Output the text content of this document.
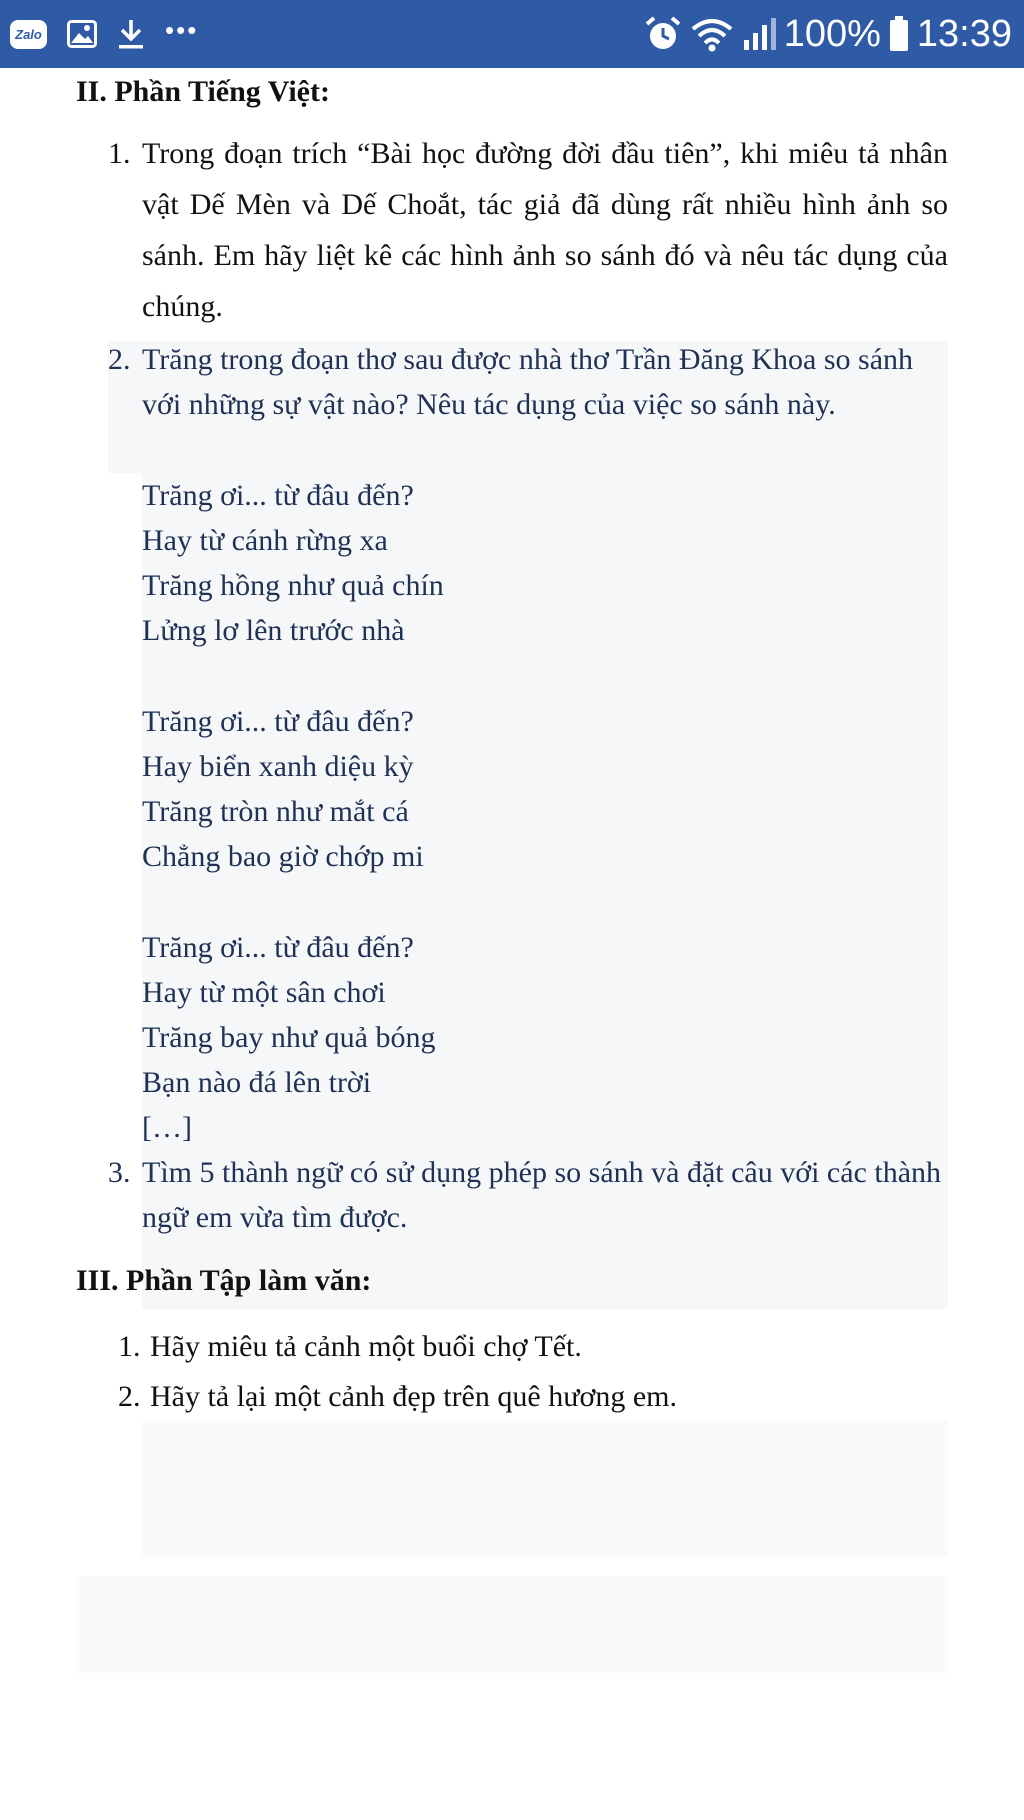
Zalo	•••	100% 13:39
II. Phần Tiếng Việt:
1. Trong đoạn trích “Bài học đường đời đầu tiên”, khi miêu tả nhân vật Dế Mèn và Dế Choắt, tác giả đã dùng rất nhiều hình ảnh so sánh. Em hãy liệt kê các hình ảnh so sánh đó và nêu tác dụng của chúng.
2. Trăng trong đoạn thơ sau được nhà thơ Trần Đăng Khoa so sánh với những sự vật nào? Nêu tác dụng của việc so sánh này.
Trăng ơi... từ đâu đến?
Hay từ cánh rừng xa
Trăng hồng như quả chín
Lửng lơ lên trước nhà
Trăng ơi... từ đâu đến?
Hay biển xanh diệu kỳ
Trăng tròn như mắt cá
Chẳng bao giờ chớp mi
Trăng ơi... từ đâu đến?
Hay từ một sân chơi
Trăng bay như quả bóng
Bạn nào đá lên trời
[…]
3. Tìm 5 thành ngữ có sử dụng phép so sánh và đặt câu với các thành ngữ em vừa tìm được.
III. Phần Tập làm văn:
1. Hãy miêu tả cảnh một buổi chợ Tết.
2. Hãy tả lại một cảnh đẹp trên quê hương em.
